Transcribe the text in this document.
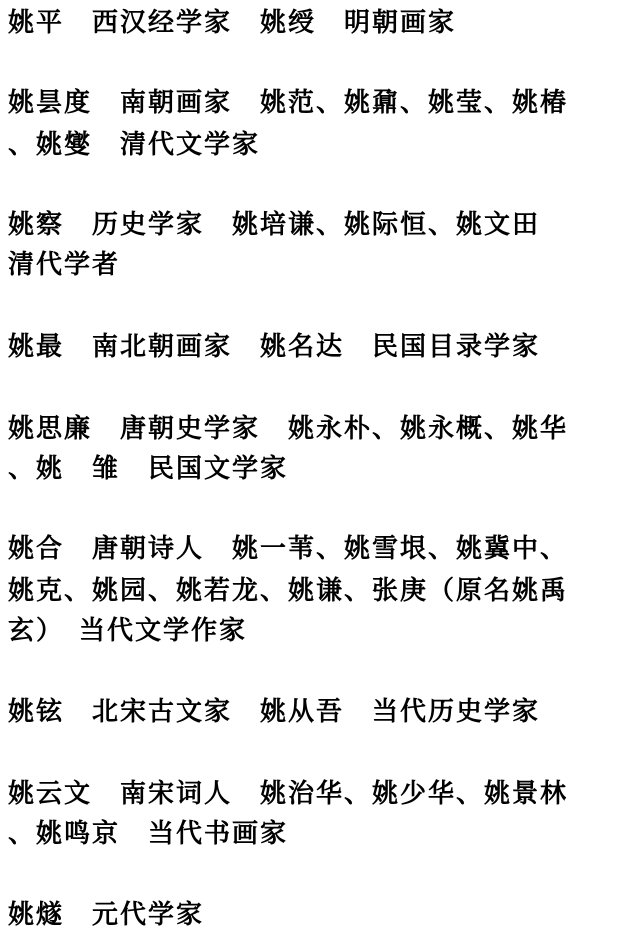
姚平　西汉经学家　姚绶　明朝画家
姚昙度　南朝画家　姚范、姚鼐、姚莹、姚椿
、姚燮　清代文学家
姚察　历史学家　姚培谦、姚际恒、姚文田
清代学者
姚最　南北朝画家　姚名达　民国目录学家
姚思廉　唐朝史学家　姚永朴、姚永概、姚华
、姚　雏　民国文学家
姚合　唐朝诗人　姚一苇、姚雪垠、姚冀中、
姚克、姚园、姚若龙、姚谦、张庚（原名姚禹
玄）　当代文学作家
姚铉　北宋古文家　姚从吾　当代历史学家
姚云文　南宋词人　姚治华、姚少华、姚景林
、姚鸣京　当代书画家
姚燧　元代学家
